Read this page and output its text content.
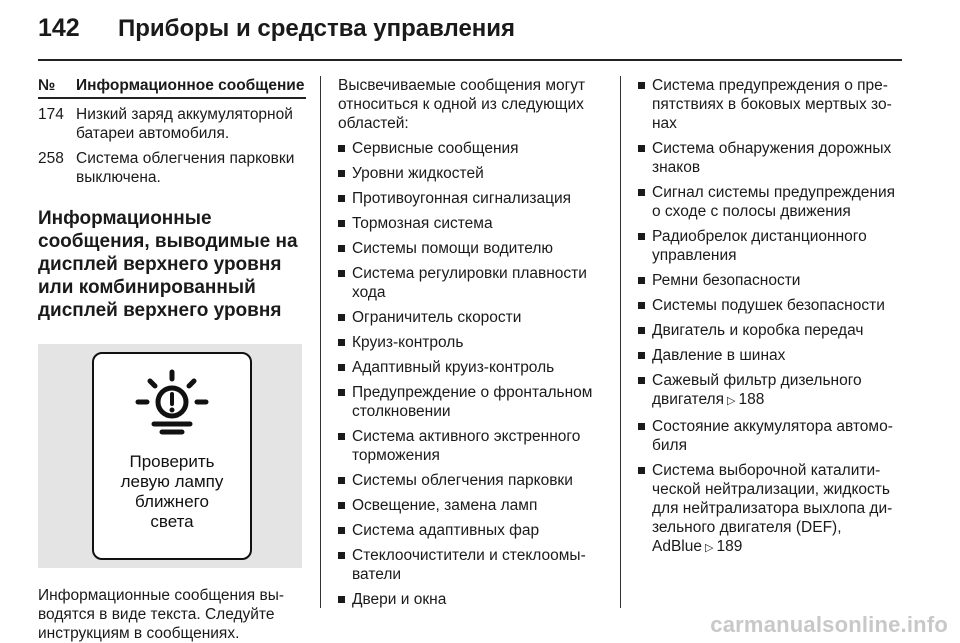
142 Приборы и средства управления
№	Информационное сообщение
174 Низкий заряд аккумуляторной батареи автомобиля.
258 Система облегчения парковки выключена.
Информационные сообщения, выводимые на дисплей верхнего уровня или комбинированный дисплей верхнего уровня
Проверить
левую лампу
ближнего
света
Информационные сообщения выводятся в виде текста. Следуйте инструкциям в сообщениях.
Высвечиваемые сообщения могут относиться к одной из следующих областей:
Сервисные сообщения
Уровни жидкостей
Противоугонная сигнализация
Тормозная система
Системы помощи водителю
Система регулировки плавности хода
Ограничитель скорости
Круиз-контроль
Адаптивный круиз-контроль
Предупреждение о фронтальном столкновении
Система активного экстренного торможения
Системы облегчения парковки
Освещение, замена ламп
Система адаптивных фар
Стеклоочистители и стеклоомыватели
Двери и окна
Система предупреждения о препятствиях в боковых мертвых зонах
Система обнаружения дорожных знаков
Сигнал системы предупреждения о сходе с полосы движения
Радиобрелок дистанционного управления
Ремни безопасности
Системы подушек безопасности
Двигатель и коробка передач
Давление в шинах
Сажевый фильтр дизельного двигателя ▷ 188
Состояние аккумулятора автомобиля
Система выборочной каталитической нейтрализации, жидкость для нейтрализатора выхлопа дизельного двигателя (DEF), AdBlue ▷ 189
carmanualsonline.info
